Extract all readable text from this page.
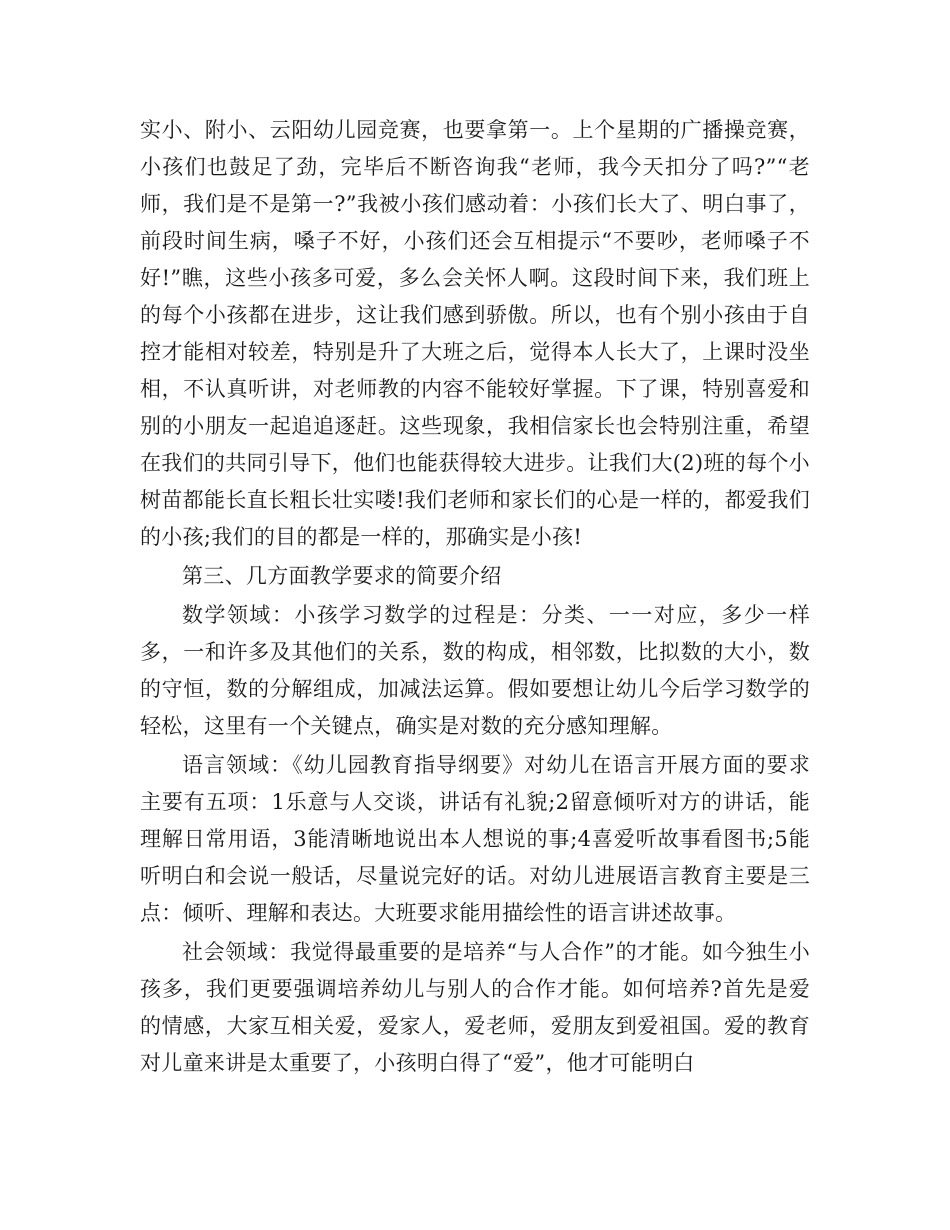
实小、附小、云阳幼儿园竞赛，也要拿第一。上个星期的广播操竞赛，小孩们也鼓足了劲，完毕后不断咨询我“老师，我今天扣分了吗?”“老师，我们是不是第一?”我被小孩们感动着：小孩们长大了、明白事了，前段时间生病，嗓子不好，小孩们还会互相提示“不要吵，老师嗓子不好!”瞧，这些小孩多可爱，多么会关怀人啊。这段时间下来，我们班上的每个小孩都在进步，这让我们感到骄傲。所以，也有个别小孩由于自控才能相对较差，特别是升了大班之后，觉得本人长大了，上课时没坐相，不认真听讲，对老师教的内容不能较好掌握。下了课，特别喜爱和别的小朋友一起追追逐赶。这些现象，我相信家长也会特别注重，希望在我们的共同引导下，他们也能获得较大进步。让我们大(2)班的每个小树苗都能长直长粗长壮实喽!我们老师和家长们的心是一样的，都爱我们的小孩;我们的目的都是一样的，那确实是小孩!

第三、几方面教学要求的简要介绍

数学领域：小孩学习数学的过程是：分类、一一对应，多少一样多，一和许多及其他们的关系，数的构成，相邻数，比拟数的大小，数的守恒，数的分解组成，加减法运算。假如要想让幼儿今后学习数学的轻松，这里有一个关键点，确实是对数的充分感知理解。

语言领域：《幼儿园教育指导纲要》对幼儿在语言开展方面的要求主要有五项：1乐意与人交谈，讲话有礼貌;2留意倾听对方的讲话，能理解日常用语，3能清晰地说出本人想说的事;4喜爱听故事看图书;5能听明白和会说一般话，尽量说完好的话。对幼儿进展语言教育主要是三点：倾听、理解和表达。大班要求能用描绘性的语言讲述故事。

社会领域：我觉得最重要的是培养“与人合作”的才能。如今独生小孩多，我们更要强调培养幼儿与别人的合作才能。如何培养?首先是爱的情感，大家互相关爱，爱家人，爱老师，爱朋友到爱祖国。爱的教育对儿童来讲是太重要了，小孩明白得了“爱”，他才可能明白
